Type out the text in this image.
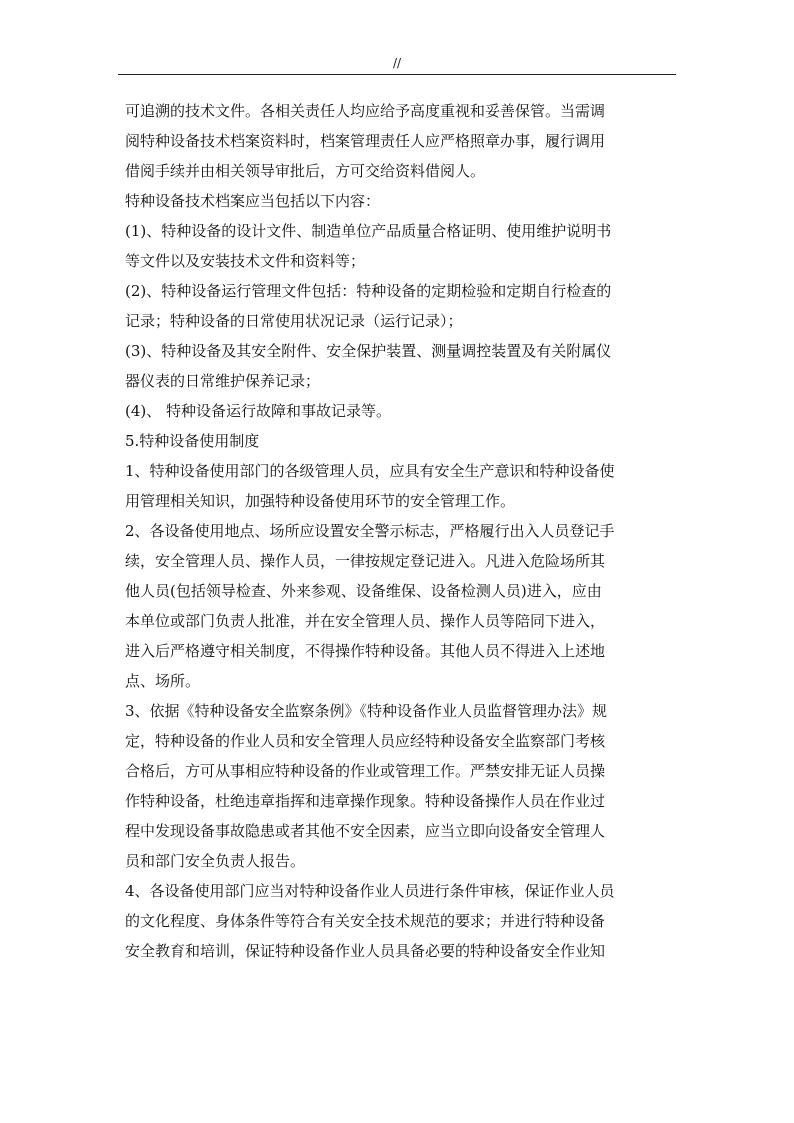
//
可追溯的技术文件。各相关责任人均应给予高度重视和妥善保管。当需调
阅特种设备技术档案资料时，档案管理责任人应严格照章办事，履行调用
借阅手续并由相关领导审批后，方可交给资料借阅人。
特种设备技术档案应当包括以下内容：
(1)、特种设备的设计文件、制造单位产品质量合格证明、使用维护说明书
等文件以及安装技术文件和资料等；
(2)、特种设备运行管理文件包括：特种设备的定期检验和定期自行检查的
记录；特种设备的日常使用状况记录（运行记录）；
(3)、特种设备及其安全附件、安全保护装置、测量调控装置及有关附属仪
器仪表的日常维护保养记录；
(4)、 特种设备运行故障和事故记录等。
5.特种设备使用制度
1、特种设备使用部门的各级管理人员，应具有安全生产意识和特种设备使
用管理相关知识，加强特种设备使用环节的安全管理工作。
2、各设备使用地点、场所应设置安全警示标志，严格履行出入人员登记手
续，安全管理人员、操作人员，一律按规定登记进入。凡进入危险场所其
他人员(包括领导检查、外来参观、设备维保、设备检测人员)进入，应由
本单位或部门负责人批准，并在安全管理人员、操作人员等陪同下进入，
进入后严格遵守相关制度，不得操作特种设备。其他人员不得进入上述地
点、场所。
3、依据《特种设备安全监察条例》《特种设备作业人员监督管理办法》规
定，特种设备的作业人员和安全管理人员应经特种设备安全监察部门考核
合格后，方可从事相应特种设备的作业或管理工作。严禁安排无证人员操
作特种设备，杜绝违章指挥和违章操作现象。特种设备操作人员在作业过
程中发现设备事故隐患或者其他不安全因素，应当立即向设备安全管理人
员和部门安全负责人报告。
4、各设备使用部门应当对特种设备作业人员进行条件审核，保证作业人员
的文化程度、身体条件等符合有关安全技术规范的要求；并进行特种设备
安全教育和培训，保证特种设备作业人员具备必要的特种设备安全作业知
